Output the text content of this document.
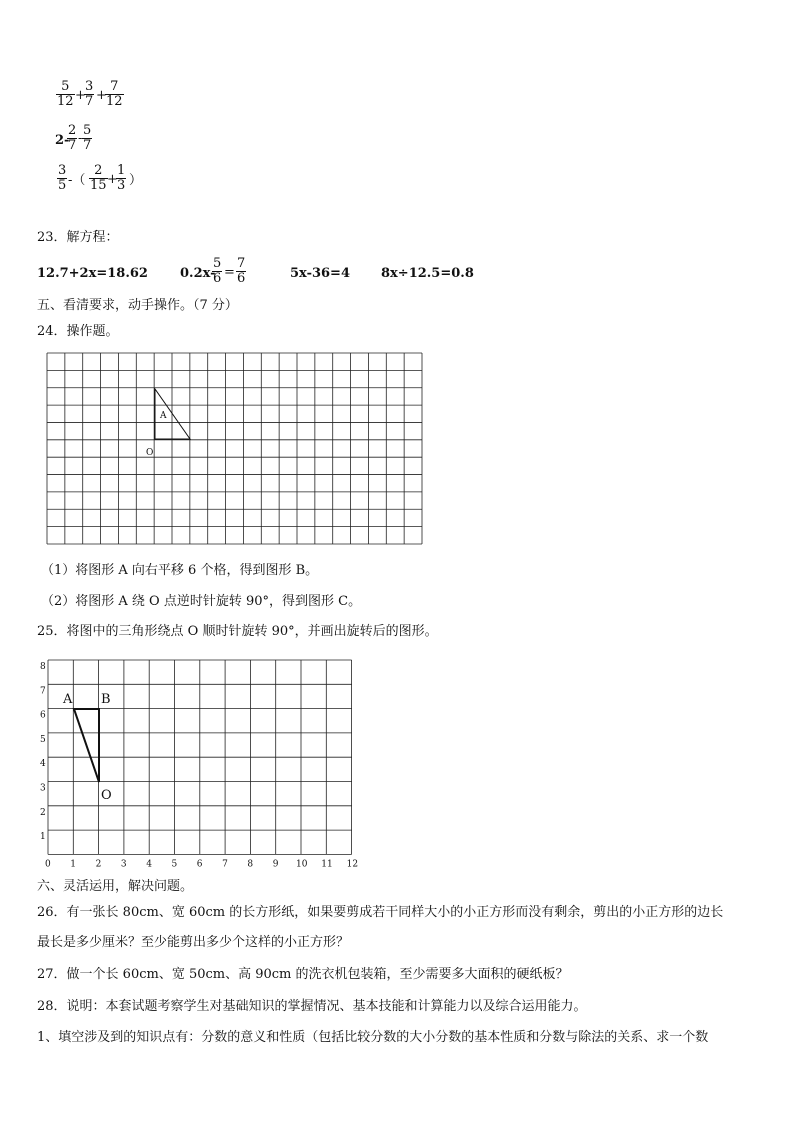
$\frac{5}{12}$ +
$\frac{3}{7}$ +
$\frac{7}{12}$
2-
$\frac{2}{7} - \frac{5}{7}$
$\frac{3}{5}$ -（ $\frac{2}{15}$ +
$\frac{1}{3}$ ）
23．解方程：
12.7+2x=18.62 0.2x-
$\frac{5}{6} = \frac{7}{6}$	5x-36=4 8x÷12.5=0.8
五、看清要求，动手操作。（7 分）
24．操作题。
A
O
（1）将图形 A 向右平移 6 个格，得到图形 B。
（2）将图形 A 绕 O 点逆时针旋转 90°，得到图形 C。
25．将图中的三角形绕点 O 顺时针旋转 90°，并画出旋转后的图形。
0 1 2 3 4 5 6 7 8 9 10 11 12
1
2
3
4
5
6
7
8
A B
O
六、灵活运用，解决问题。
26．有一张长 80cm、宽 60cm 的长方形纸，如果要剪成若干同样大小的小正方形而没有剩余，剪出的小正方形的边长
最长是多少厘米？至少能剪出多少个这样的小正方形？
27．做一个长 60cm、宽 50cm、高 90cm 的洗衣机包装箱，至少需要多大面积的硬纸板？
28．说明：本套试题考察学生对基础知识的掌握情况、基本技能和计算能力以及综合运用能力。
1、填空涉及到的知识点有：分数的意义和性质（包括比较分数的大小分数的基本性质和分数与除法的关系、求一个数
